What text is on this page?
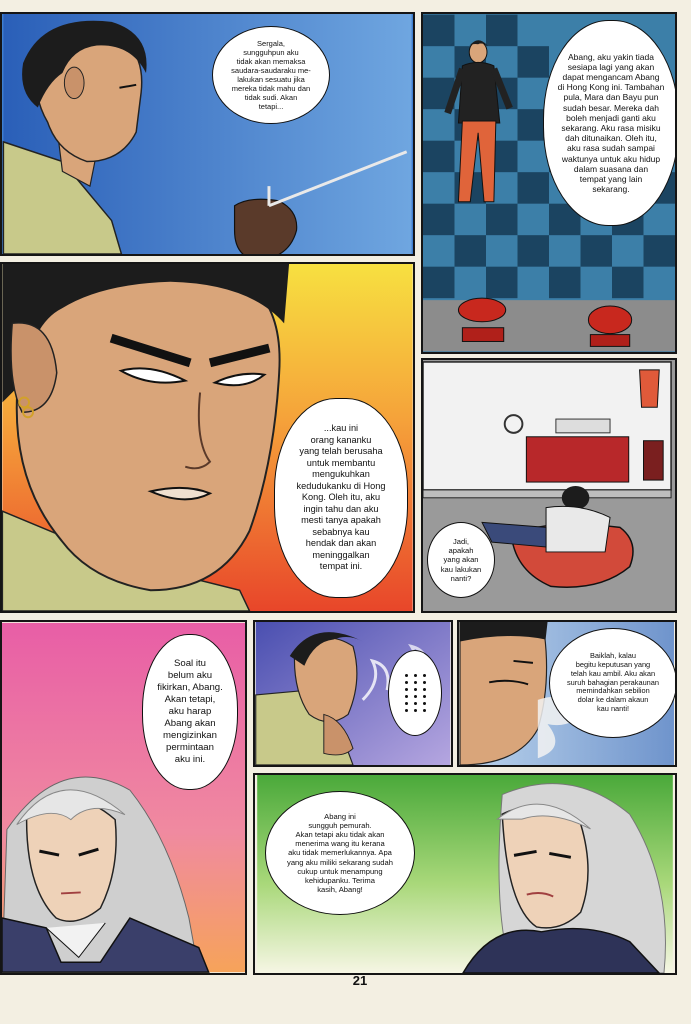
Sergala,
sungguhpun aku
tidak akan memaksa
saudara-saudaraku me-
lakukan sesuatu jika
mereka tidak mahu dan
tidak sudi. Akan
tetapi...
Abang, aku yakin tiada
sesiapa lagi yang akan
dapat mengancam Abang
di Hong Kong ini. Tambahan
pula, Mara dan Bayu pun
sudah besar. Mereka dah
boleh menjadi ganti aku
sekarang. Aku rasa misiku
dah ditunaikan. Oleh itu,
aku rasa sudah sampai
waktunya untuk aku hidup
dalam suasana dan
tempat yang lain
sekarang.
...kau ini
orang kananku
yang telah berusaha
untuk membantu
mengukuhkan
kedudukanku di Hong
Kong. Oleh itu, aku
ingin tahu dan aku
mesti tanya apakah
sebabnya kau
hendak dan akan
meninggalkan
tempat ini.
Jadi,
apakah
yang akan
kau lakukan
nanti?
Soal itu
belum aku
fikirkan, Abang.
Akan tetapi,
aku harap
Abang akan
mengizinkan
permintaan
aku ini.
Baiklah, kalau
begitu keputusan yang
telah kau ambil. Aku akan
suruh bahagian perakaunan
memindahkan sebilion
dolar ke dalam akaun
kau nanti!
Abang ini
sungguh pemurah.
Akan tetapi aku tidak akan
menerima wang itu kerana
aku tidak memerlukannya. Apa
yang aku miliki sekarang sudah
cukup untuk menampung
kehidupanku. Terima
kasih, Abang!
21
